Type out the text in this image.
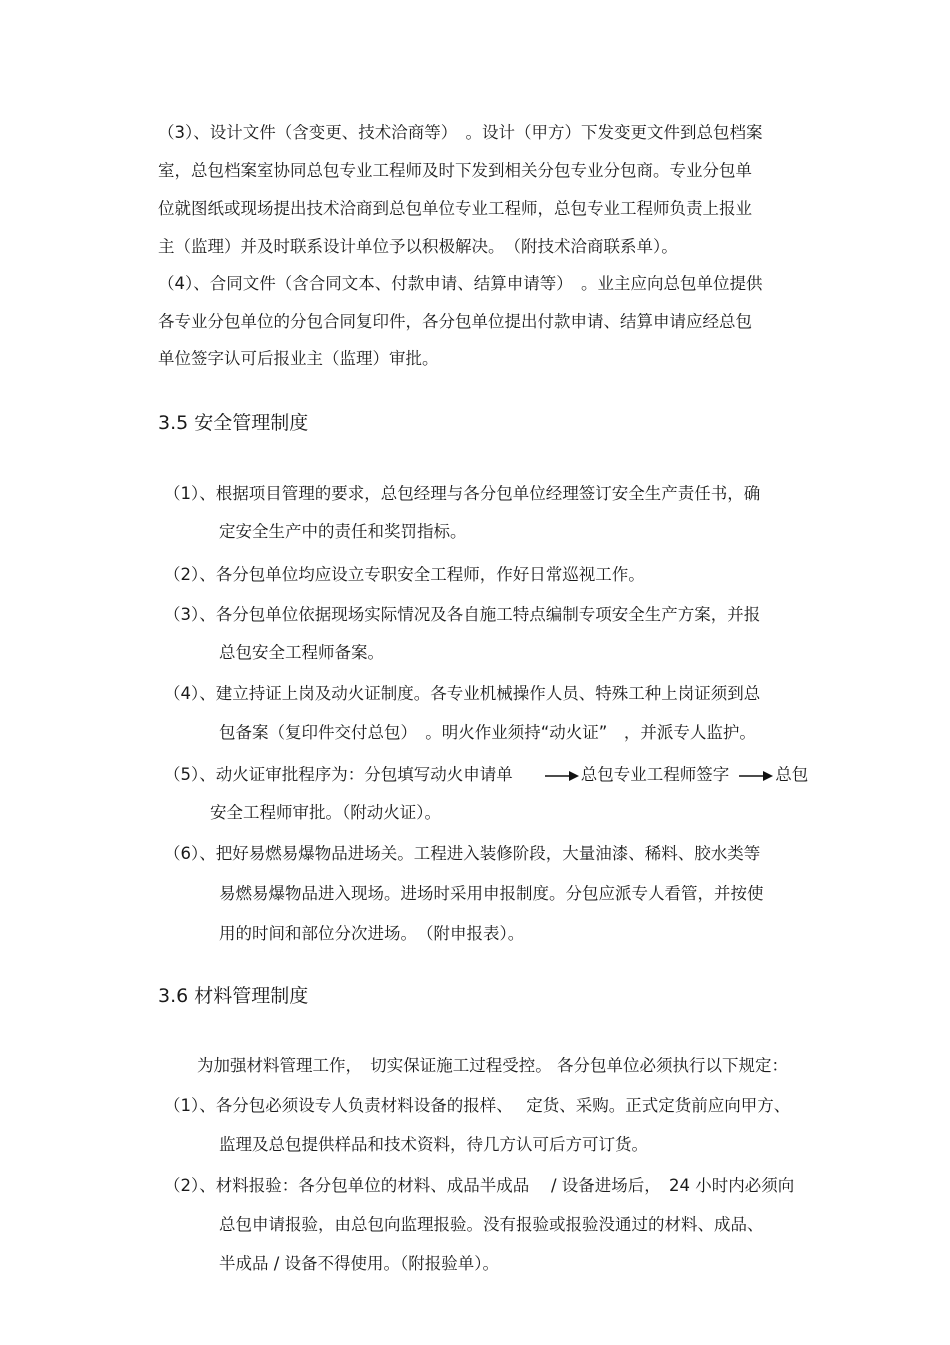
（3）、设计文件（含变更、技术洽商等）　。设计（甲方）下发变更文件到总包档案
室，总包档案室协同总包专业工程师及时下发到相关分包专业分包商。专业分包单
位就图纸或现场提出技术洽商到总包单位专业工程师，总包专业工程师负责上报业
主（监理）并及时联系设计单位予以积极解决。　（附技术洽商联系单）。
（4）、合同文件（含合同文本、付款申请、结算申请等）　。业主应向总包单位提供
各专业分包单位的分包合同复印件，各分包单位提出付款申请、结算申请应经总包
单位签字认可后报业主（监理）审批。
3.5 安全管理制度
（1）、根据项目管理的要求，总包经理与各分包单位经理签订安全生产责任书，确
定安全生产中的责任和奖罚指标。
（2）、各分包单位均应设立专职安全工程师，作好日常巡视工作。
（3）、各分包单位依据现场实际情况及各自施工特点编制专项安全生产方案，并报
总包安全工程师备案。
（4）、建立持证上岗及动火证制度。各专业机械操作人员、特殊工种上岗证须到总
包备案（复印件交付总包）　。明火作业须持“动火证”　，并派专人监护。
（5）、动火证审批程序为：分包填写动火申请单	总包专业工程师签字	总包
安全工程师审批。（附动火证）。
（6）、把好易燃易爆物品进场关。工程进入装修阶段，大量油漆、稀料、胶水类等
易燃易爆物品进入现场。进场时采用申报制度。分包应派专人看管，并按使
用的时间和部位分次进场。　（附申报表）。
3.6 材料管理制度
为加强材料管理工作，　切实保证施工过程受控。 各分包单位必须执行以下规定：
（1）、各分包必须设专人负责材料设备的报样、　 定货、采购。正式定货前应向甲方、
监理及总包提供样品和技术资料，待几方认可后方可订货。
（2）、材料报验：各分包单位的材料、成品半成品　 / 设备进场后，　24 小时内必须向
总包申请报验，由总包向监理报验。没有报验或报验没通过的材料、成品、
半成品 / 设备不得使用。（附报验单）。
